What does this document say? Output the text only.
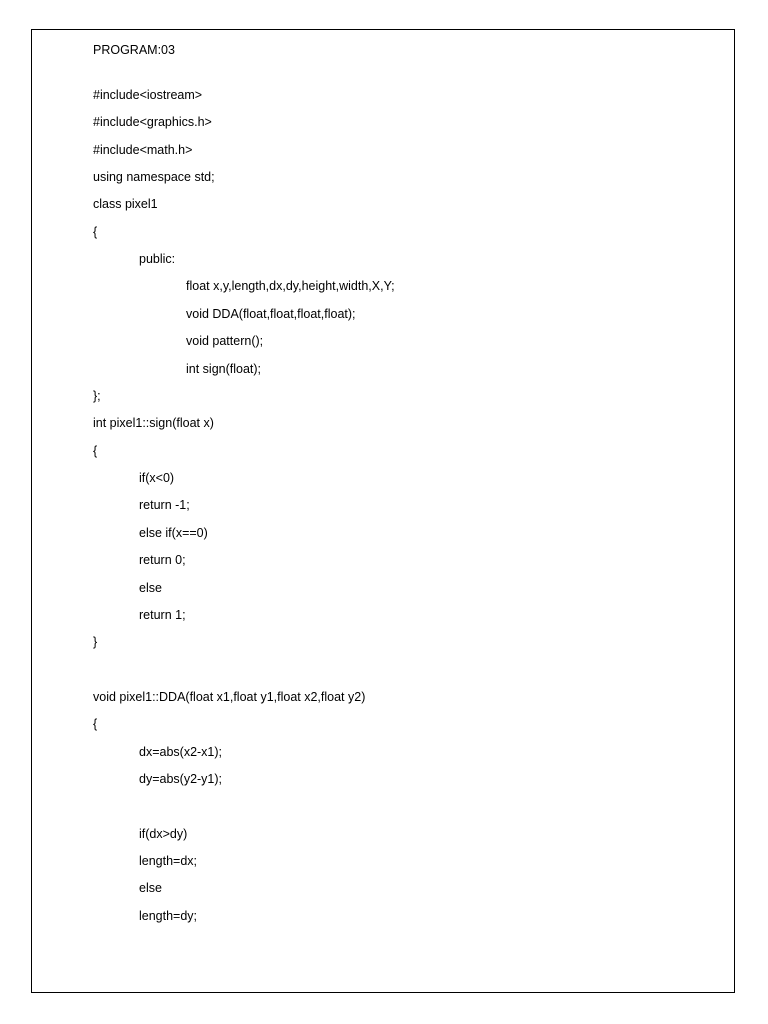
PROGRAM:03
#include<iostream>
#include<graphics.h>
#include<math.h>
using namespace std;
class pixel1
{
public:
float x,y,length,dx,dy,height,width,X,Y;
void DDA(float,float,float,float);
void pattern();
int sign(float);
};
int pixel1::sign(float x)
{
if(x<0)
return -1;
else if(x==0)
return 0;
else
return 1;
}
void pixel1::DDA(float x1,float y1,float x2,float y2)
{
dx=abs(x2-x1);
dy=abs(y2-y1);
if(dx>dy)
length=dx;
else
length=dy;
